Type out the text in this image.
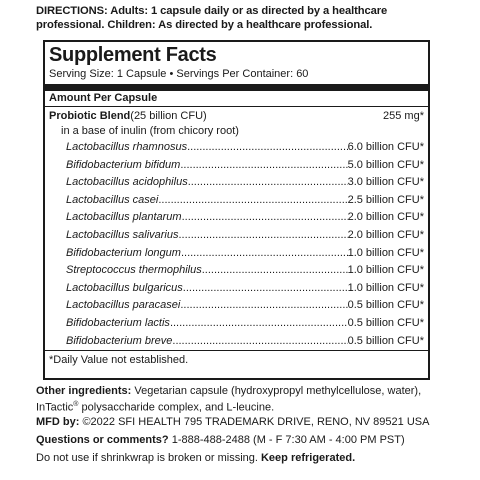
DIRECTIONS: Adults: 1 capsule daily or as directed by a healthcare professional. Children: As directed by a healthcare professional.
Supplement Facts
Serving Size: 1 Capsule • Servings Per Container: 60
Amount Per Capsule
Probiotic Blend (25 billion CFU)	255 mg*
in a base of inulin (from chicory root)
Lactobacillus rhamnosus .....	6.0 billion CFU*
Bifidobacterium bifidum .....	5.0 billion CFU*
Lactobacillus acidophilus .....	3.0 billion CFU*
Lactobacillus casei .....	2.5 billion CFU*
Lactobacillus plantarum .....	2.0 billion CFU*
Lactobacillus salivarius .....	2.0 billion CFU*
Bifidobacterium longum .....	1.0 billion CFU*
Streptococcus thermophilus .....	1.0 billion CFU*
Lactobacillus bulgaricus .....	1.0 billion CFU*
Lactobacillus paracasei .....	0.5 billion CFU*
Bifidobacterium lactis .....	0.5 billion CFU*
Bifidobacterium breve .....	0.5 billion CFU*
*Daily Value not established.
Other ingredients: Vegetarian capsule (hydroxypropyl methylcellulose, water),
InTactic® polysaccharide complex, and L-leucine.
MFD by: ©2022 SFI HEALTH 795 TRADEMARK DRIVE, RENO, NV 89521 USA
Questions or comments? 1-888-488-2488 (M - F 7:30 AM - 4:00 PM PST)
Do not use if shrinkwrap is broken or missing. Keep refrigerated.
